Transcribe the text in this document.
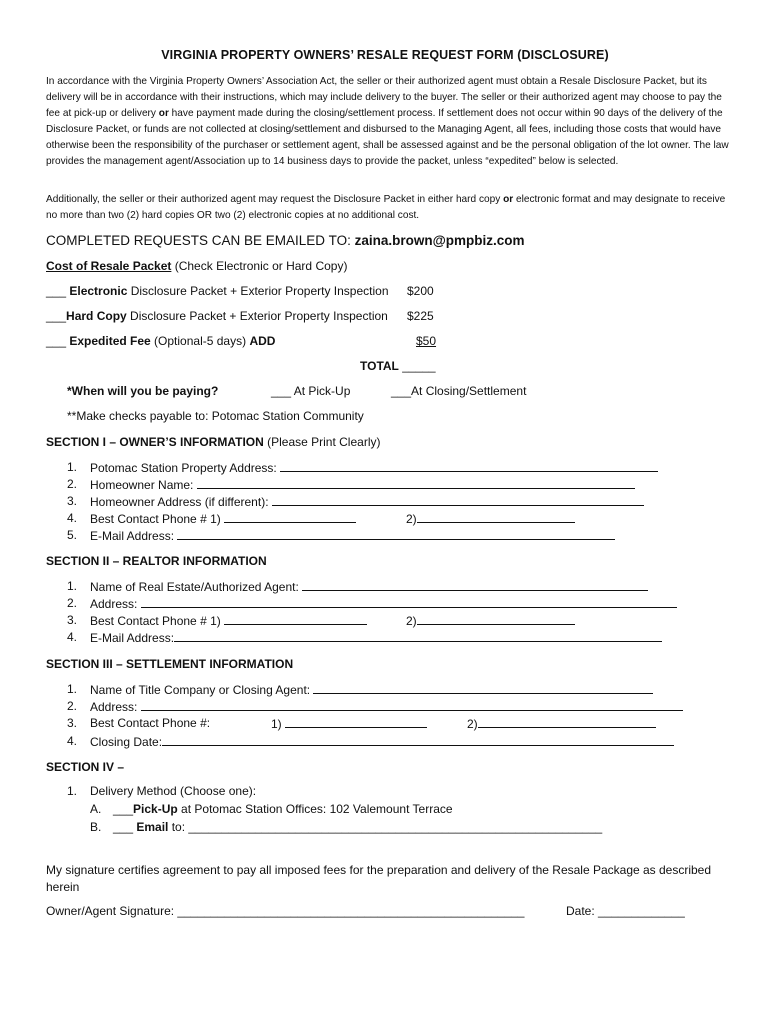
VIRGINIA PROPERTY OWNERS’ RESALE REQUEST FORM (DISCLOSURE)
In accordance with the Virginia Property Owners’ Association Act, the seller or their authorized agent must obtain a Resale Disclosure Packet, but its delivery will be in accordance with their instructions, which may include delivery to the buyer. The seller or their authorized agent may choose to pay the fee at pick-up or delivery or have payment made during the closing/settlement process. If settlement does not occur within 90 days of the delivery of the Disclosure Packet, or funds are not collected at closing/settlement and disbursed to the Managing Agent, all fees, including those costs that would have otherwise been the responsibility of the purchaser or settlement agent, shall be assessed against and be the personal obligation of the lot owner. The law provides the management agent/Association up to 14 business days to provide the packet, unless “expedited” below is selected.
Additionally, the seller or their authorized agent may request the Disclosure Packet in either hard copy or electronic format and may designate to receive no more than two (2) hard copies OR two (2) electronic copies at no additional cost.
COMPLETED REQUESTS CAN BE EMAILED TO: zaina.brown@pmpbiz.com
Cost of Resale Packet (Check Electronic or Hard Copy)
___ Electronic Disclosure Packet + Exterior Property Inspection $200
___Hard Copy Disclosure Packet + Exterior Property Inspection $225
___ Expedited Fee (Optional-5 days) ADD	$50
TOTAL _____
*When will you be paying?	___ At Pick-Up	___At Closing/Settlement
**Make checks payable to: Potomac Station Community
SECTION I – OWNER’S INFORMATION (Please Print Clearly)
1. Potomac Station Property Address:
2. Homeowner Name:
3. Homeowner Address (if different):
4. Best Contact Phone # 1)	2)
5. E-Mail Address:
SECTION II – REALTOR INFORMATION
1. Name of Real Estate/Authorized Agent:
2. Address:
3. Best Contact Phone # 1)	2)
4. E-Mail Address:
SECTION III – SETTLEMENT INFORMATION
1. Name of Title Company or Closing Agent:
2. Address:
3. Best Contact Phone #:	1)	2)
4. Closing Date:
SECTION IV –
1. Delivery Method (Choose one):
A. ___Pick-Up at Potomac Station Offices: 102 Valemount Terrace
B. ___ Email to: ______________________________________________________________
My signature certifies agreement to pay all imposed fees for the preparation and delivery of the Resale Package as described herein
Owner/Agent Signature: ____________________________________________________	Date: _____________
